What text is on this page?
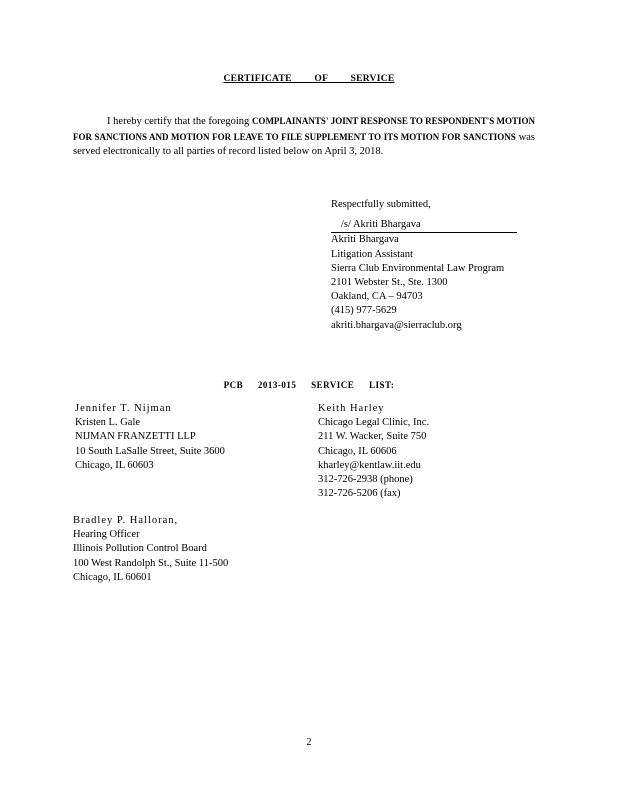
CERTIFICATE OF SERVICE
I hereby certify that the foregoing COMPLAINANTS' JOINT RESPONSE TO RESPONDENT'S MOTION FOR SANCTIONS AND MOTION FOR LEAVE TO FILE SUPPLEMENT TO ITS MOTION FOR SANCTIONS was served electronically to all parties of record listed below on April 3, 2018.
Respectfully submitted,
/s/ Akriti Bhargava
Akriti Bhargava
Litigation Assistant
Sierra Club Environmental Law Program
2101 Webster St., Ste. 1300
Oakland, CA – 94703
(415) 977-5629
akriti.bhargava@sierraclub.org
PCB 2013-015 SERVICE LIST:
Jennifer T. Nijman
Kristen L. Gale
NIJMAN FRANZETTI LLP
10 South LaSalle Street, Suite 3600
Chicago, IL 60603
Keith Harley
Chicago Legal Clinic, Inc.
211 W. Wacker, Suite 750
Chicago, IL 60606
kharley@kentlaw.iit.edu
312-726-2938 (phone)
312-726-5206 (fax)
Bradley P. Halloran,
Hearing Officer
Illinois Pollution Control Board
100 West Randolph St., Suite 11-500
Chicago, IL 60601
2
